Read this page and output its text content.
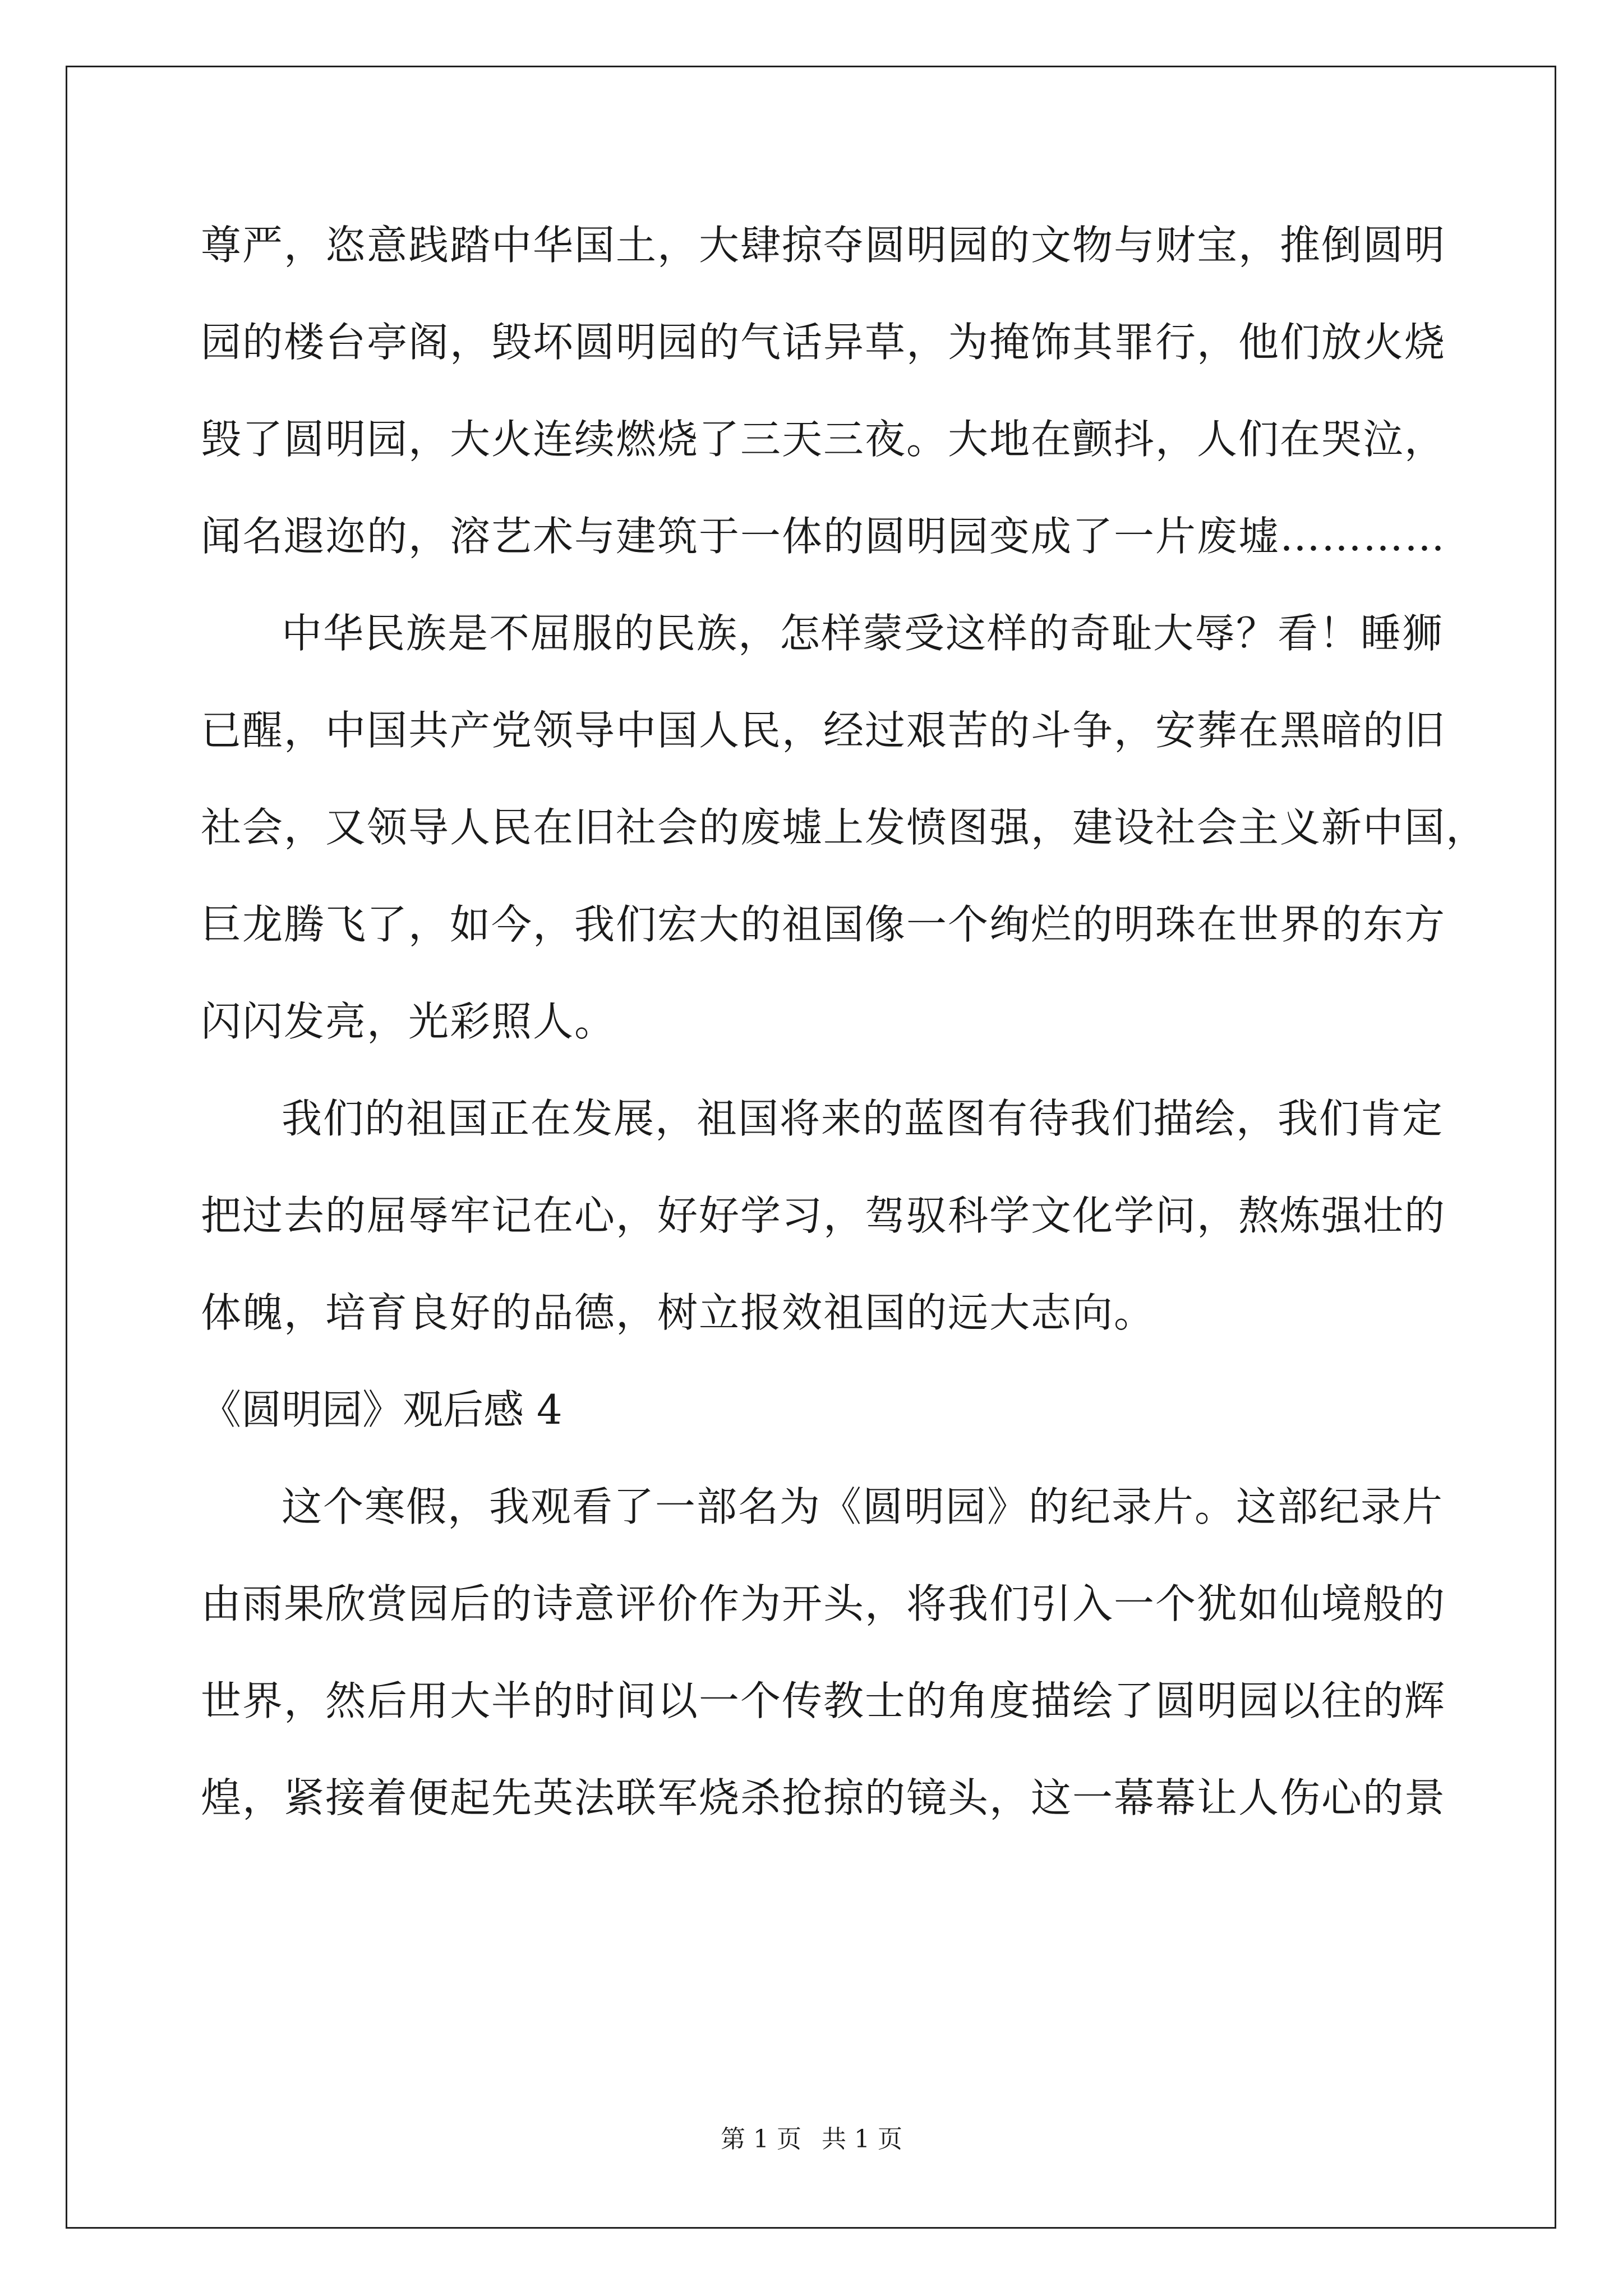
尊严，恣意践踏中华国土，大肆掠夺圆明园的文物与财宝，推倒圆明
园的楼台亭阁，毁坏圆明园的气话异草，为掩饰其罪行，他们放火烧
毁了圆明园，大火连续燃烧了三天三夜。大地在颤抖，人们在哭泣，
闻名遐迩的，溶艺术与建筑于一体的圆明园变成了一片废墟…………
中华民族是不屈服的民族，怎样蒙受这样的奇耻大辱？看！睡狮
已醒，中国共产党领导中国人民，经过艰苦的斗争，安葬在黑暗的旧
社会，又领导人民在旧社会的废墟上发愤图强，建设社会主义新中国，
巨龙腾飞了，如今，我们宏大的祖国像一个绚烂的明珠在世界的东方
闪闪发亮，光彩照人。
我们的祖国正在发展，祖国将来的蓝图有待我们描绘，我们肯定
把过去的屈辱牢记在心，好好学习，驾驭科学文化学问，熬炼强壮的
体魄，培育良好的品德，树立报效祖国的远大志向。
《圆明园》观后感 4
这个寒假，我观看了一部名为《圆明园》的纪录片。这部纪录片
由雨果欣赏园后的诗意评价作为开头，将我们引入一个犹如仙境般的
世界，然后用大半的时间以一个传教士的角度描绘了圆明园以往的辉
煌，紧接着便起先英法联军烧杀抢掠的镜头，这一幕幕让人伤心的景
第 1 页 共 1 页
